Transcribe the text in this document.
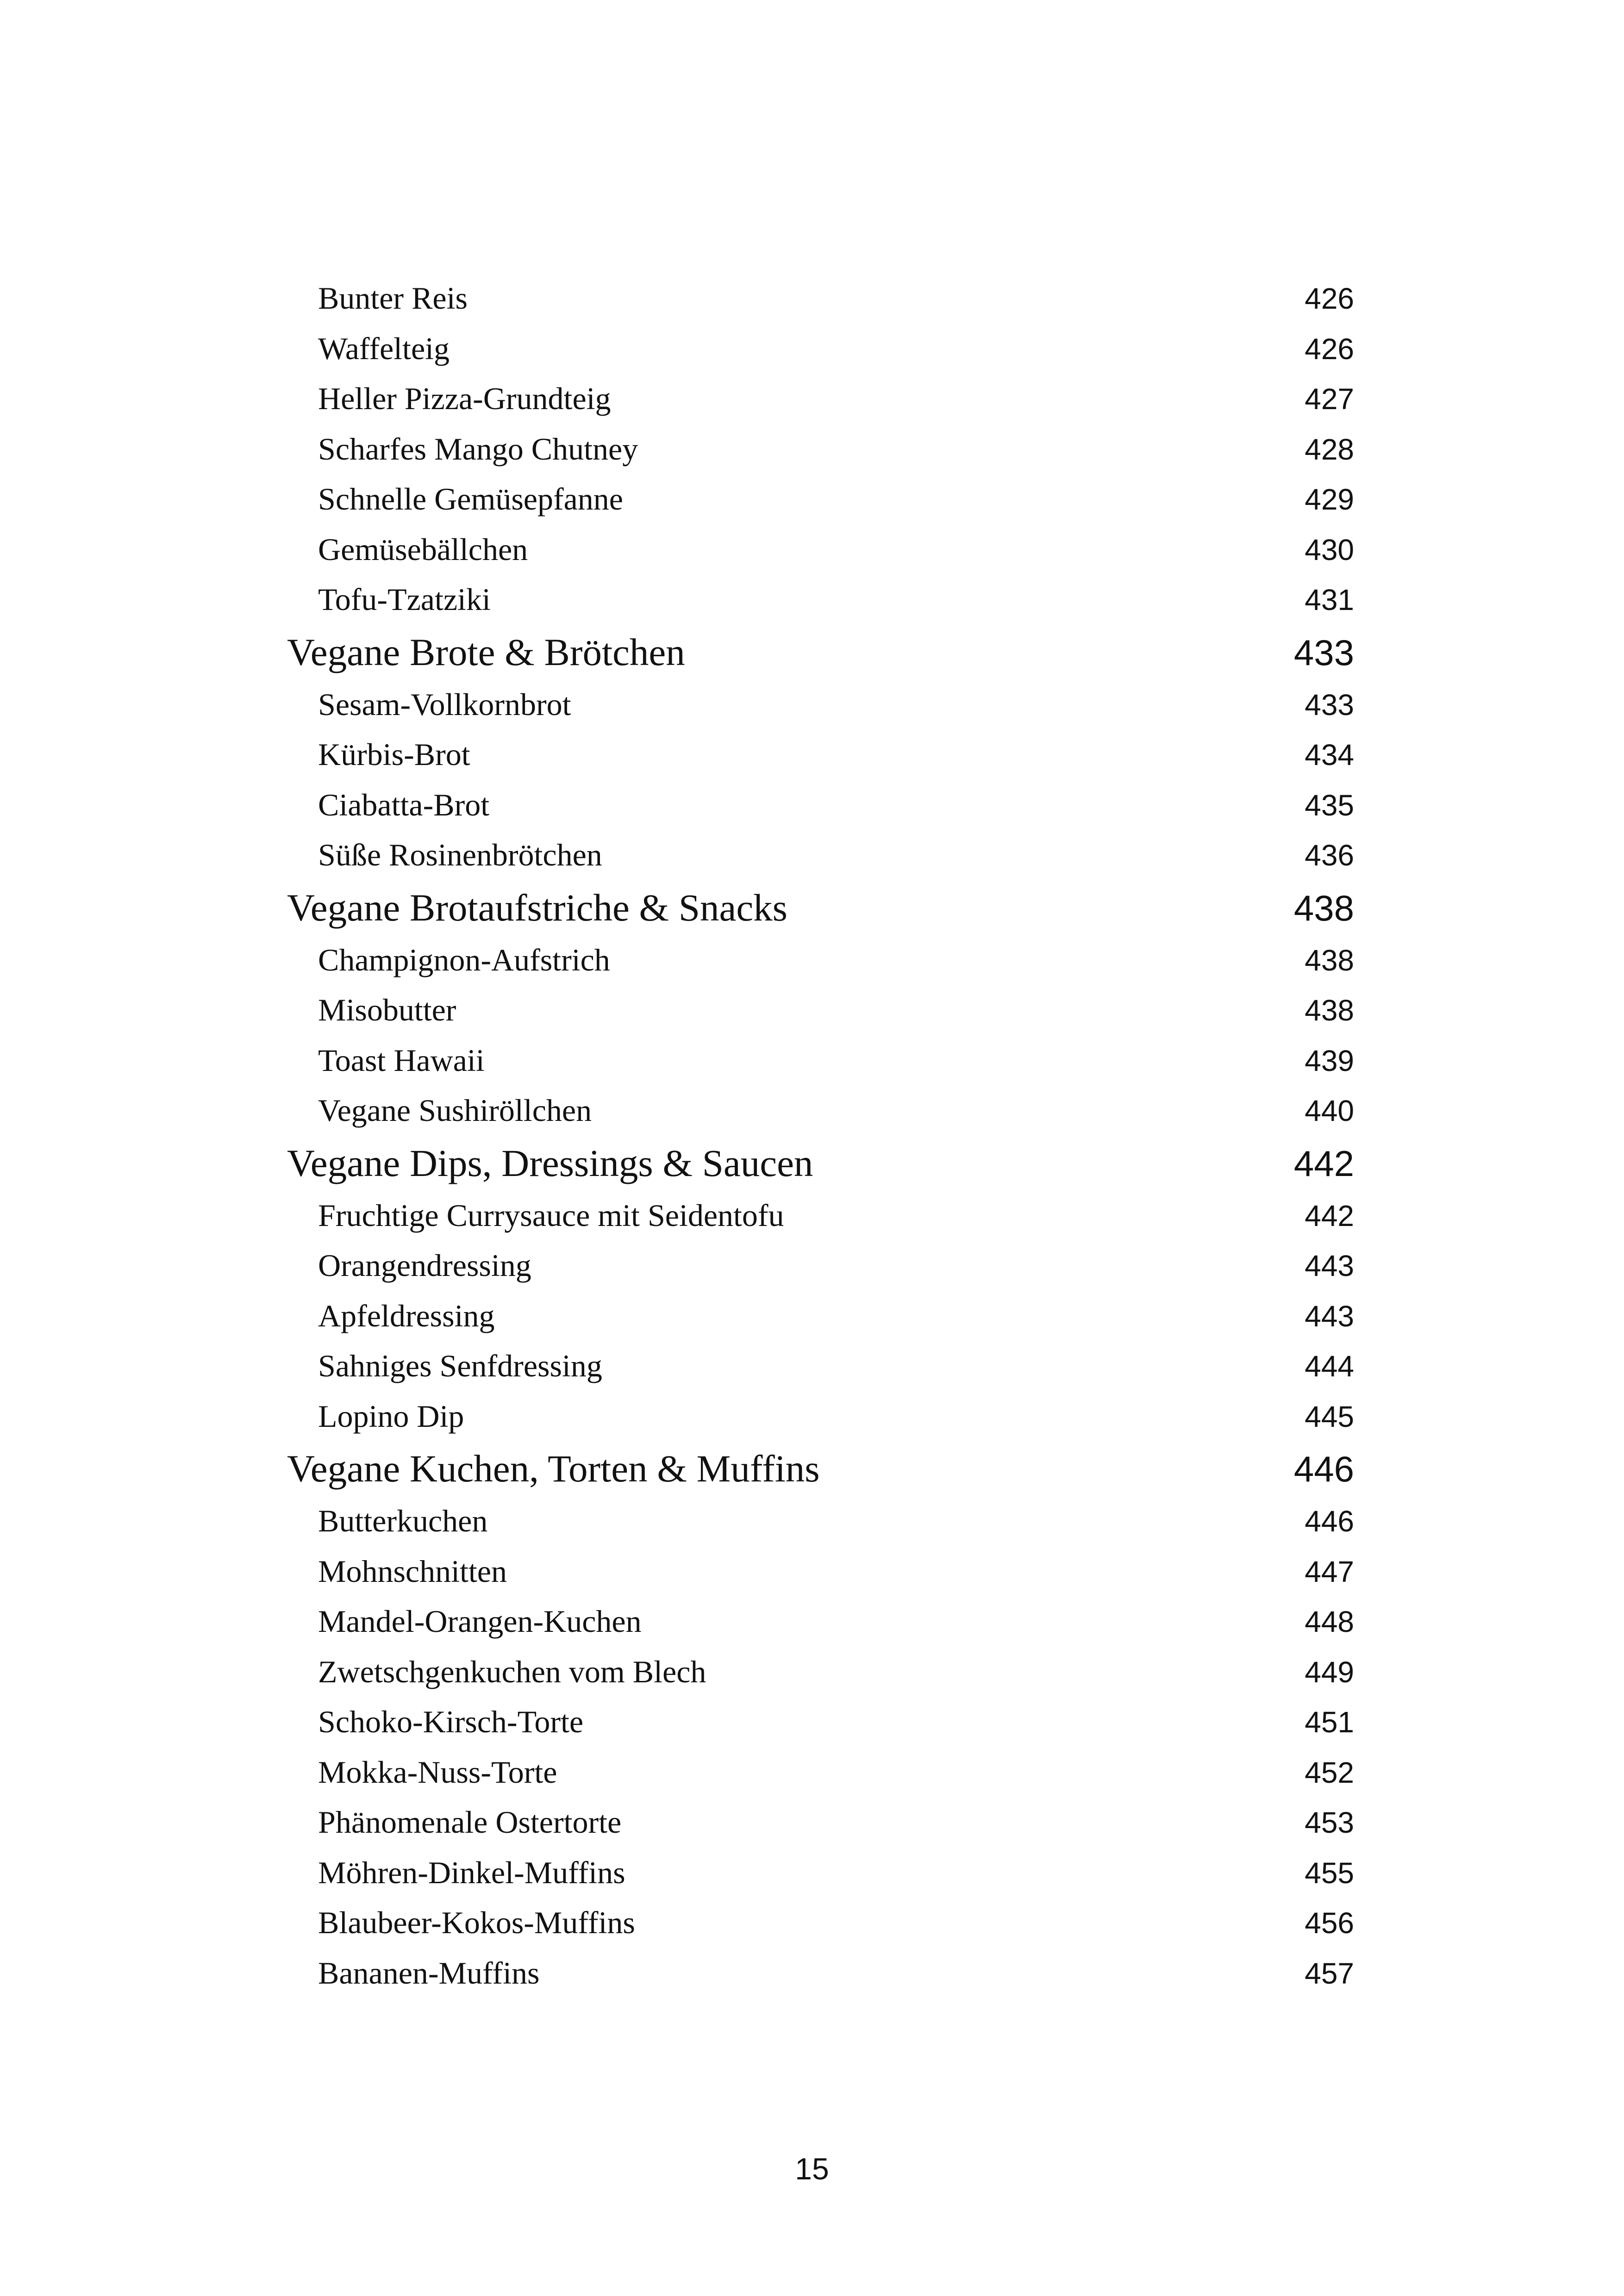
Bunter Reis	426
Waffelteig	426
Heller Pizza-Grundteig	427
Scharfes Mango Chutney	428
Schnelle Gemüsepfanne	429
Gemüsebällchen	430
Tofu-Tzatziki	431
Vegane Brote & Brötchen	433
Sesam-Vollkornbrot	433
Kürbis-Brot	434
Ciabatta-Brot	435
Süße Rosinenbrötchen	436
Vegane Brotaufstriche & Snacks	438
Champignon-Aufstrich	438
Misobutter	438
Toast Hawaii	439
Vegane Sushiröllchen	440
Vegane Dips, Dressings & Saucen	442
Fruchtige Currysauce mit Seidentofu	442
Orangendressing	443
Apfeldressing	443
Sahniges Senfdressing	444
Lopino Dip	445
Vegane Kuchen, Torten & Muffins	446
Butterkuchen	446
Mohnschnitten	447
Mandel-Orangen-Kuchen	448
Zwetschgenkuchen vom Blech	449
Schoko-Kirsch-Torte	451
Mokka-Nuss-Torte	452
Phänomenale Ostertorte	453
Möhren-Dinkel-Muffins	455
Blaubeer-Kokos-Muffins	456
Bananen-Muffins	457
15
